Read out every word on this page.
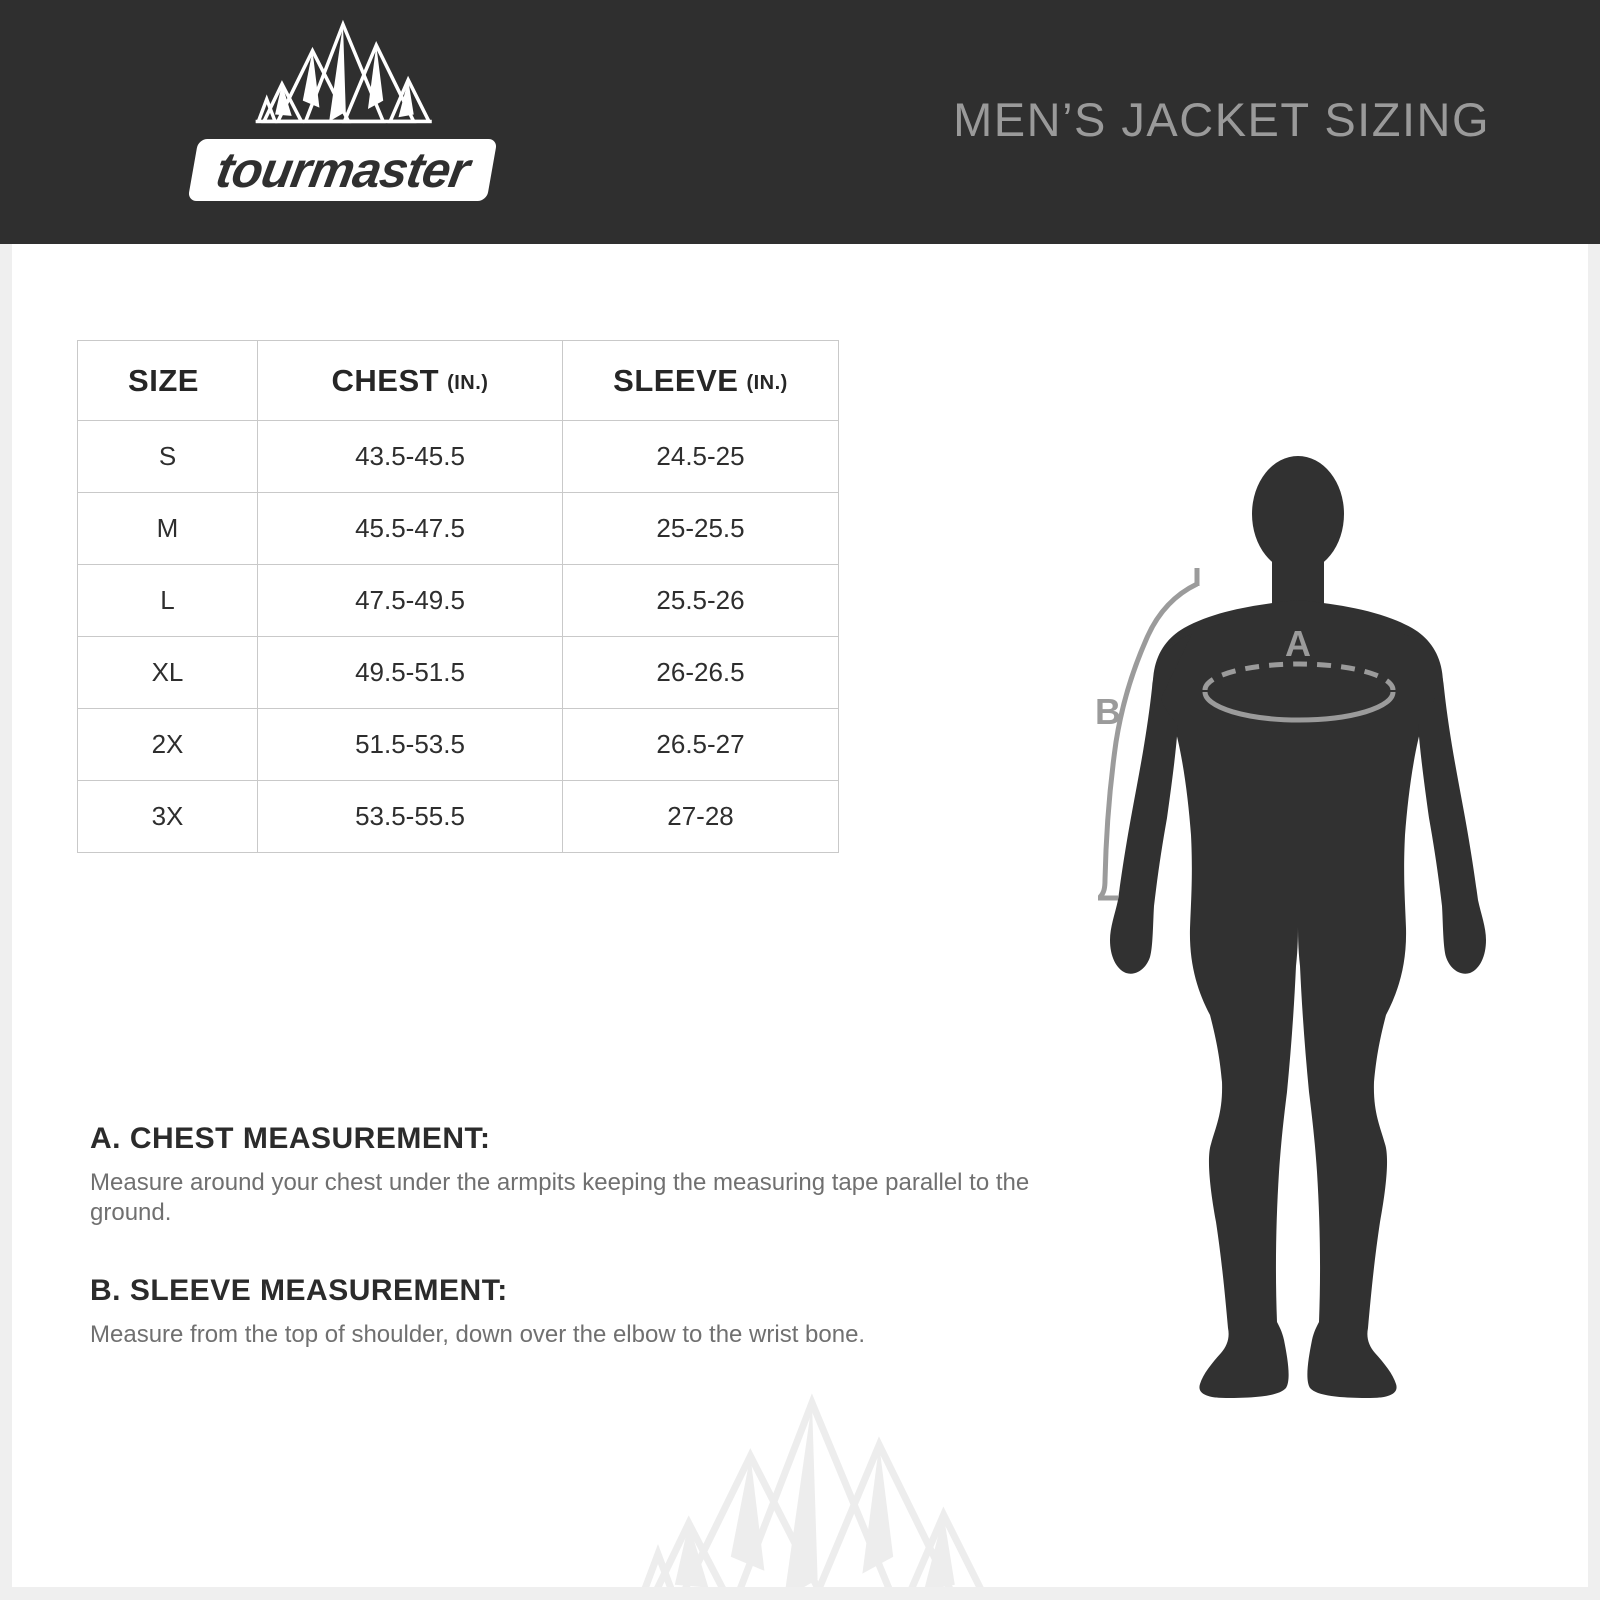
tourmaster
MEN’S JACKET SIZING
SIZE	CHEST (IN.)	SLEEVE (IN.)
S	43.5-45.5	24.5-25
M	45.5-47.5	25-25.5
L	47.5-49.5	25.5-26
XL	49.5-51.5	26-26.5
2X	51.5-53.5	26.5-27
3X	53.5-55.5	27-28
A
B

A. CHEST MEASUREMENT:

Measure around your chest under the armpits keeping the measuring tape parallel to the ground.

B. SLEEVE MEASUREMENT:

Measure from the top of shoulder, down over the elbow to the wrist bone.
